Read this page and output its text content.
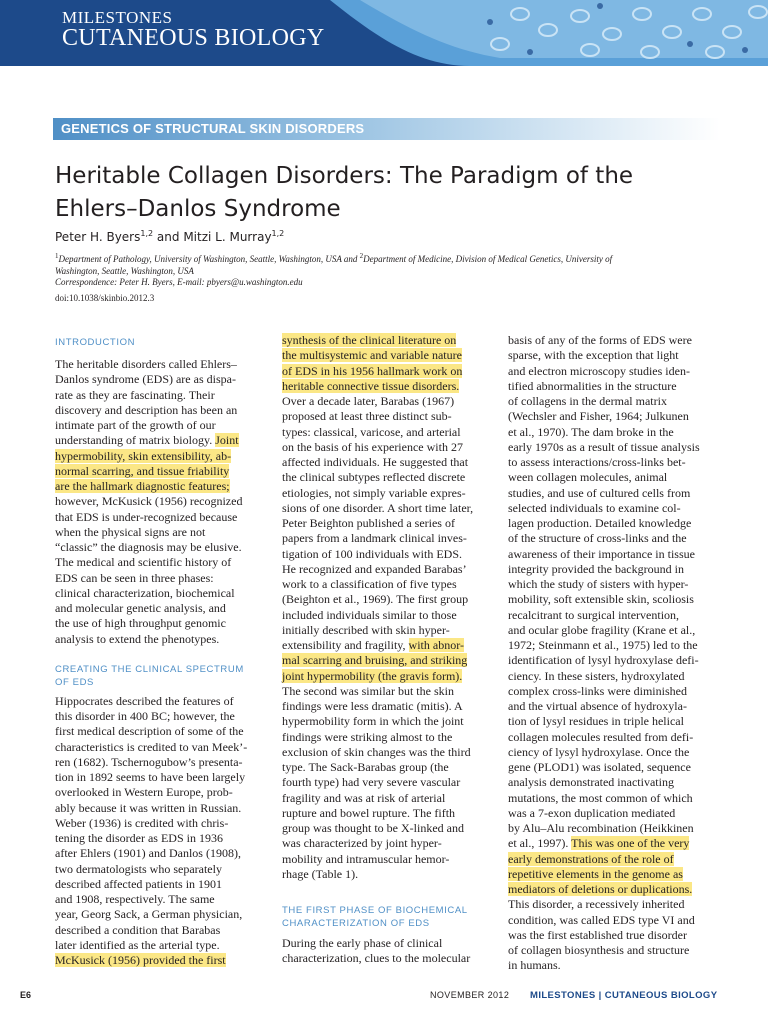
MILESTONES
CUTANEOUS BIOLOGY
GENETICS OF STRUCTURAL SKIN DISORDERS
Heritable Collagen Disorders: The Paradigm of the
Ehlers–Danlos Syndrome
Peter H. Byers$^{1,2}$ and Mitzi L. Murray$^{1,2}$
$^1$Department of Pathology, University of Washington, Seattle, Washington, USA and $^2$Department of Medicine, Division of Medical Genetics, University of
Washington, Seattle, Washington, USA
Correspondence: Peter H. Byers, E-mail: pbyers@u.washington.edu
doi:10.1038/skinbio.2012.3
INTRODUCTION
The heritable disorders called Ehlers–
Danlos syndrome (EDS) are as dispa-
rate as they are fascinating. Their
discovery and description has been an
intimate part of the growth of our
understanding of matrix biology. Joint
hypermobility, skin extensibility, ab-
normal scarring, and tissue friability
are the hallmark diagnostic features;
however, McKusick (1956) recognized
that EDS is under-recognized because
when the physical signs are not
“classic” the diagnosis may be elusive.
The medical and scientific history of
EDS can be seen in three phases:
clinical characterization, biochemical
and molecular genetic analysis, and
the use of high throughput genomic
analysis to extend the phenotypes.
CREATING THE CLINICAL SPECTRUM
OF EDS
Hippocrates described the features of
this disorder in 400 BC; however, the
first medical description of some of the
characteristics is credited to van Meek’-
ren (1682). Tschernogubow’s presenta-
tion in 1892 seems to have been largely
overlooked in Western Europe, prob-
ably because it was written in Russian.
Weber (1936) is credited with chris-
tening the disorder as EDS in 1936
after Ehlers (1901) and Danlos (1908),
two dermatologists who separately
described affected patients in 1901
and 1908, respectively. The same
year, Georg Sack, a German physician,
described a condition that Barabas
later identified as the arterial type.
McKusick (1956) provided the first
synthesis of the clinical literature on
the multisystemic and variable nature
of EDS in his 1956 hallmark work on
heritable connective tissue disorders.
Over a decade later, Barabas (1967)
proposed at least three distinct sub-
types: classical, varicose, and arterial
on the basis of his experience with 27
affected individuals. He suggested that
the clinical subtypes reflected discrete
etiologies, not simply variable expres-
sions of one disorder. A short time later,
Peter Beighton published a series of
papers from a landmark clinical inves-
tigation of 100 individuals with EDS.
He recognized and expanded Barabas’
work to a classification of five types
(Beighton et al., 1969). The first group
included individuals similar to those
initially described with skin hyper-
extensibility and fragility, with abnor-
mal scarring and bruising, and striking
joint hypermobility (the gravis form).
The second was similar but the skin
findings were less dramatic (mitis). A
hypermobility form in which the joint
findings were striking almost to the
exclusion of skin changes was the third
type. The Sack-Barabas group (the
fourth type) had very severe vascular
fragility and was at risk of arterial
rupture and bowel rupture. The fifth
group was thought to be X-linked and
was characterized by joint hyper-
mobility and intramuscular hemor-
rhage (Table 1).
THE FIRST PHASE OF BIOCHEMICAL
CHARACTERIZATION OF EDS
During the early phase of clinical
characterization, clues to the molecular
basis of any of the forms of EDS were
sparse, with the exception that light
and electron microscopy studies iden-
tified abnormalities in the structure
of collagens in the dermal matrix
(Wechsler and Fisher, 1964; Julkunen
et al., 1970). The dam broke in the
early 1970s as a result of tissue analysis
to assess interactions/cross-links bet-
ween collagen molecules, animal
studies, and use of cultured cells from
selected individuals to examine col-
lagen production. Detailed knowledge
of the structure of cross-links and the
awareness of their importance in tissue
integrity provided the background in
which the study of sisters with hyper-
mobility, soft extensible skin, scoliosis
recalcitrant to surgical intervention,
and ocular globe fragility (Krane et al.,
1972; Steinmann et al., 1975) led to the
identification of lysyl hydroxylase defi-
ciency. In these sisters, hydroxylated
complex cross-links were diminished
and the virtual absence of hydroxyla-
tion of lysyl residues in triple helical
collagen molecules resulted from defi-
ciency of lysyl hydroxylase. Once the
gene (PLOD1) was isolated, sequence
analysis demonstrated inactivating
mutations, the most common of which
was a 7-exon duplication mediated
by Alu–Alu recombination (Heikkinen
et al., 1997). This was one of the very
early demonstrations of the role of
repetitive elements in the genome as
mediators of deletions or duplications.
This disorder, a recessively inherited
condition, was called EDS type VI and
was the first established true disorder
of collagen biosynthesis and structure
in humans.
E6	NOVEMBER 2012 MILESTONES | CUTANEOUS BIOLOGY
